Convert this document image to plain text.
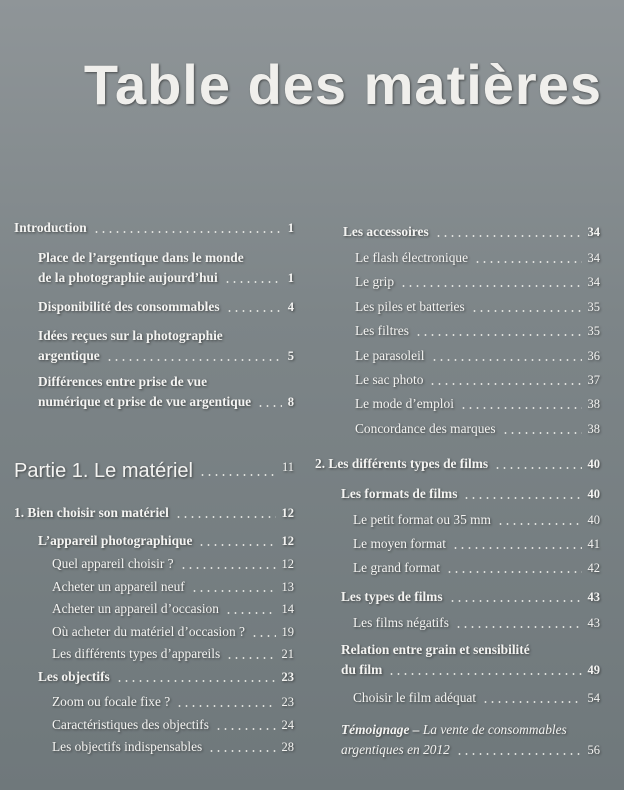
Table des matières
Introduction	1
Place de l’argentique dans le monde
de la photographie aujourd’hui	1
Disponibilité des consommables	4
Idées reçues sur la photographie
argentique	5
Différences entre prise de vue
numérique et prise de vue argentique	8
Partie 1. Le matériel	11
1. Bien choisir son matériel	12
L’appareil photographique	12
Quel appareil choisir ?	12
Acheter un appareil neuf	13
Acheter un appareil d’occasion	14
Où acheter du matériel d’occasion ?	19
Les différents types d’appareils	21
Les objectifs	23
Zoom ou focale fixe ?	23
Caractéristiques des objectifs	24
Les objectifs indispensables	28
Les accessoires	34
Le flash électronique	34
Le grip	34
Les piles et batteries	35
Les filtres	35
Le parasoleil	36
Le sac photo	37
Le mode d’emploi	38
Concordance des marques	38
2. Les différents types de films	40
Les formats de films	40
Le petit format ou 35 mm	40
Le moyen format	41
Le grand format	42
Les types de films	43
Les films négatifs	43
Relation entre grain et sensibilité
du film	49
Choisir le film adéquat	54
Témoignage – La vente de consommables
argentiques en 2012	56
